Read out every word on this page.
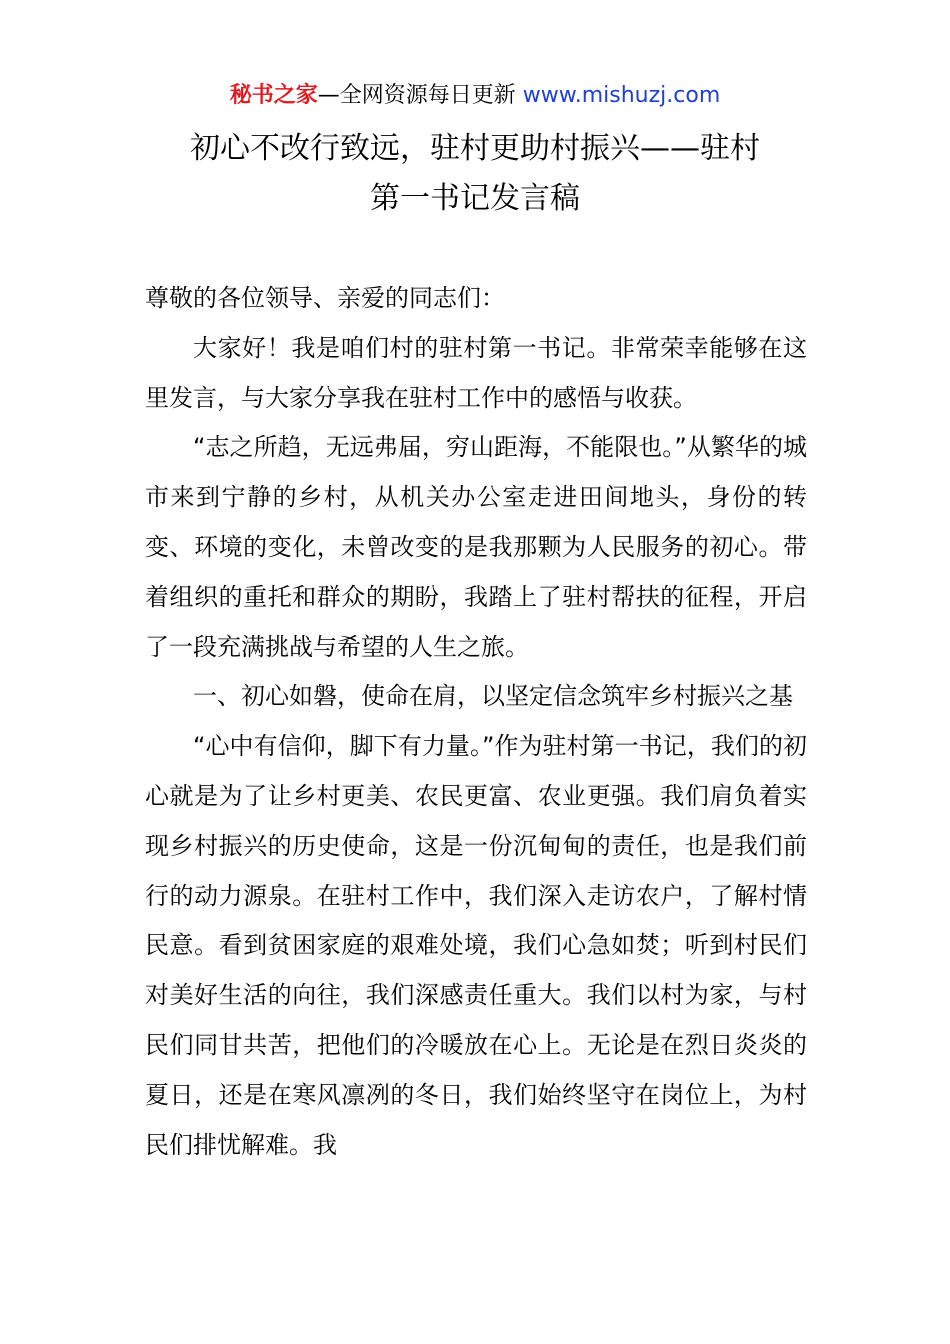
秘书之家—全网资源每日更新 www.mishuzj.com
初心不改行致远，驻村更助村振兴——驻村
第一书记发言稿

尊敬的各位领导、亲爱的同志们：

大家好！我是咱们村的驻村第一书记。非常荣幸能够在这里发言，与大家分享我在驻村工作中的感悟与收获。

“志之所趋，无远弗届，穷山距海，不能限也。”从繁华的城市来到宁静的乡村，从机关办公室走进田间地头，身份的转变、环境的变化，未曾改变的是我那颗为人民服务的初心。带着组织的重托和群众的期盼，我踏上了驻村帮扶的征程，开启了一段充满挑战与希望的人生之旅。

一、初心如磐，使命在肩，以坚定信念筑牢乡村振兴之基

“心中有信仰，脚下有力量。”作为驻村第一书记，我们的初心就是为了让乡村更美、农民更富、农业更强。我们肩负着实现乡村振兴的历史使命，这是一份沉甸甸的责任，也是我们前行的动力源泉。在驻村工作中，我们深入走访农户，了解村情民意。看到贫困家庭的艰难处境，我们心急如焚；听到村民们对美好生活的向往，我们深感责任重大。我们以村为家，与村民们同甘共苦，把他们的冷暖放在心上。无论是在烈日炎炎的夏日，还是在寒风凛冽的冬日，我们始终坚守在岗位上，为村民们排忧解难。我
